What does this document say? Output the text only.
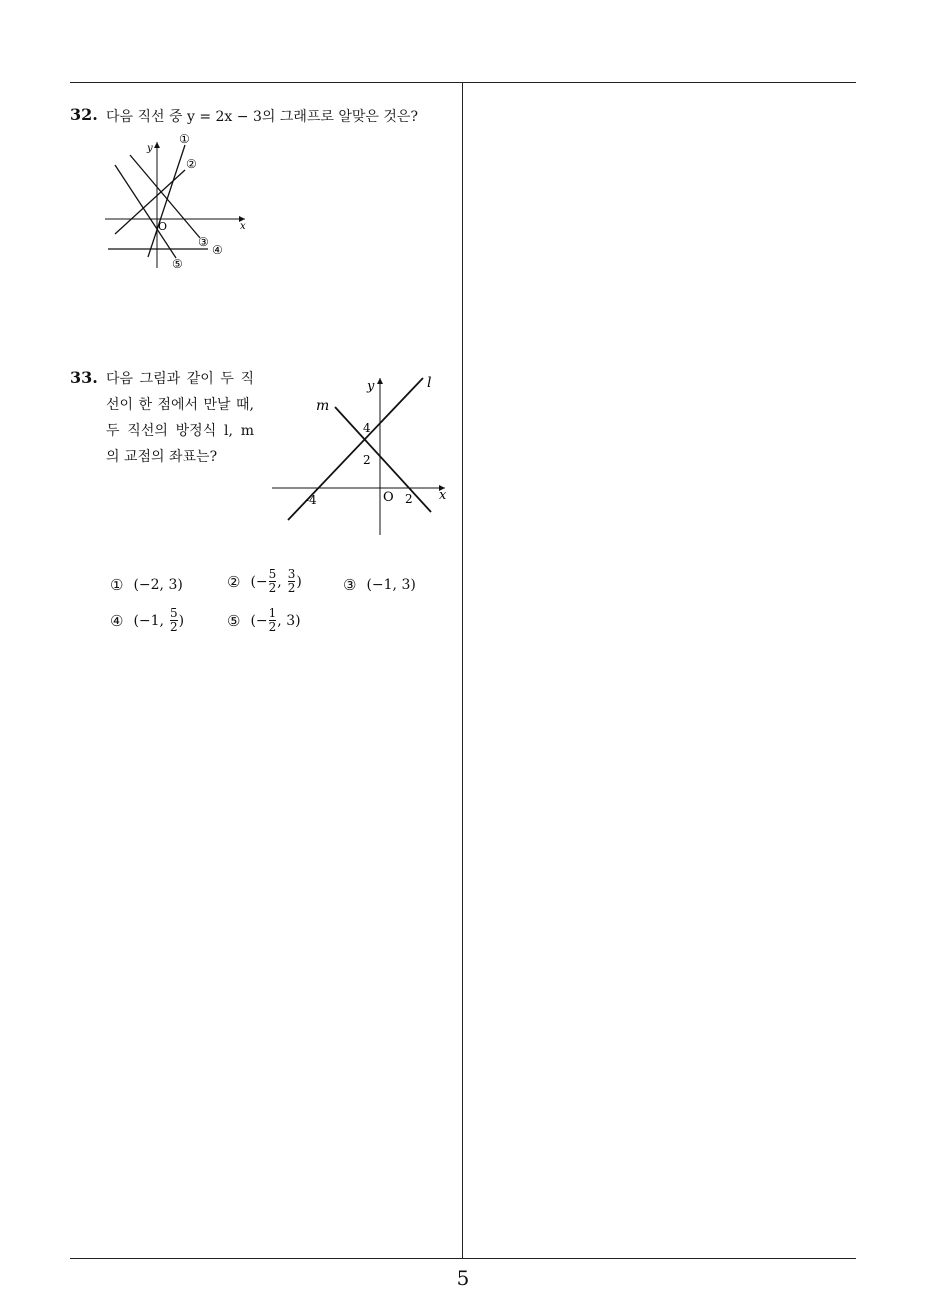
5
32. 다음 직선 중 y = 2x − 3의 그래프로 알맞은 것은?
x
y
O
①
②
③
④
⑤
33. 다음 그림과 같이 두 직선이 한 점에서 만날 때, 두 직선의 방정식 l, m의 교점의 좌표는?
x
y
O
l
m
4
2
-4	2
① (−2, 3)	② (− $\frac{5}{2}$ , $\frac{3}{2}$ )	③ (−1, 3)
④ (−1, $\frac{5}{2}$ )	⑤ (− $\frac{1}{2}$ , 3)
